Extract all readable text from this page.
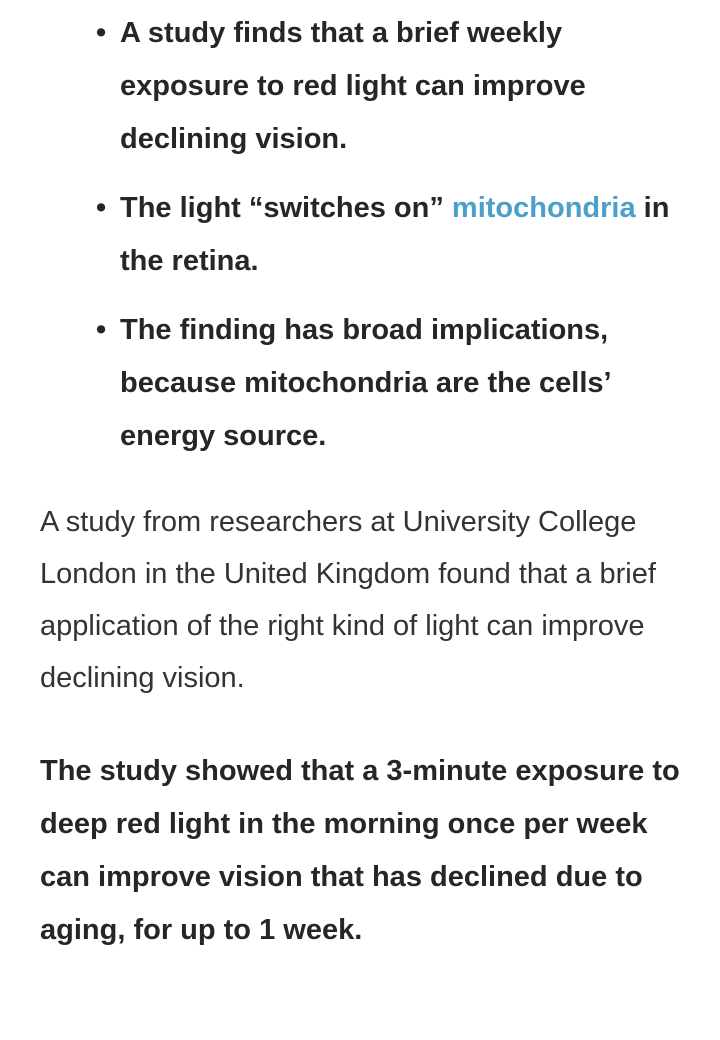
• A study finds that a brief weekly exposure to red light can improve declining vision.
• The light “switches on” mitochondria in the retina.
• The finding has broad implications, because mitochondria are the cells’ energy source.

A study from researchers at University College London in the United Kingdom found that a brief application of the right kind of light can improve declining vision.

The study showed that a 3-minute exposure to deep red light in the morning once per week can improve vision that has declined due to aging, for up to 1 week.
